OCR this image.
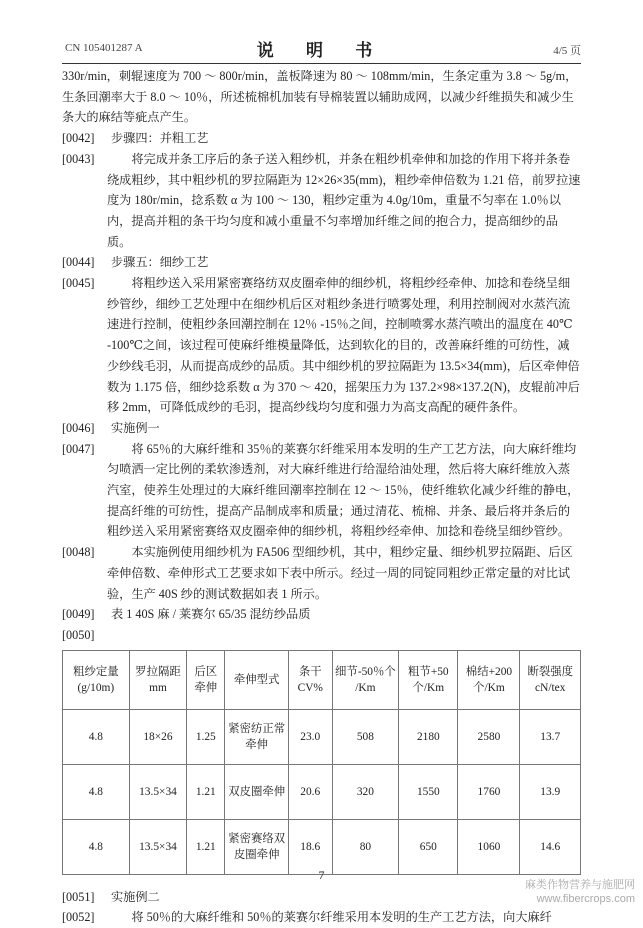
CN 105401287 A	说 明 书	4/5 页

330r/min，刺辊速度为 700 ～ 800r/min，盖板降速为 80 ～ 108mm/min，生条定重为 3.8 ～ 5g/m，生条回潮率大于 8.0 ～ 10％，所述梳棉机加装有导棉装置以辅助成网，以减少纤维损失和减少生条大的麻结等疵点产生。

[0042]	步骤四：并粗工艺
[0043]	将完成并条工序后的条子送入粗纱机，并条在粗纱机牵伸和加捻的作用下将并条卷绕成粗纱，其中粗纱机的罗拉隔距为 12×26×35(mm)，粗纱牵伸倍数为 1.21 倍，前罗拉速度为 180r/min，捻系数 α 为 100 ～ 130，粗纱定重为 4.0g/10m，重量不匀率在 1.0％以内，提高并粗的条干均匀度和减小重量不匀率增加纤维之间的抱合力，提高细纱的品质。
[0044]	步骤五：细纱工艺
[0045]	将粗纱送入采用紧密赛络纺双皮圈牵伸的细纱机，将粗纱经牵伸、加捻和卷绕呈细纱管纱，细纱工艺处理中在细纱机后区对粗纱条进行喷雾处理，利用控制阀对水蒸汽流速进行控制，使粗纱条回潮控制在 12％ -15％之间，控制喷雾水蒸汽喷出的温度在 40℃ -100℃之间，该过程可使麻纤维模量降低，达到软化的目的，改善麻纤维的可纺性，减少纱线毛羽，从而提高成纱的品质。其中细纱机的罗拉隔距为 13.5×34(mm)，后区牵伸倍数为 1.175 倍，细纱捻系数 α 为 370 ～ 420，摇架压力为 137.2×98×137.2(N)，皮辊前冲后移 2mm，可降低成纱的毛羽，提高纱线均匀度和强力为高支高配的硬件条件。
[0046]	实施例一
[0047]	将 65％的大麻纤维和 35％的莱赛尔纤维采用本发明的生产工艺方法，向大麻纤维均匀喷洒一定比例的柔软渗透剂，对大麻纤维进行给湿给油处理，然后将大麻纤维放入蒸汽室，使养生处理过的大麻纤维回潮率控制在 12 ～ 15％，使纤维软化减少纤维的静电，提高纤维的可纺性，提高产品制成率和质量；通过清花、梳棉、并条、最后将并条后的粗纱送入采用紧密赛络双皮圈牵伸的细纱机，将粗纱经牵伸、加捻和卷绕呈细纱管纱。
[0048]	本实施例使用细纱机为 FA506 型细纱机，其中，粗纱定量、细纱机罗拉隔距、后区牵伸倍数、牵伸形式工艺要求如下表中所示。经过一周的同锭同粗纱正常定量的对比试验，生产 40S 纱的测试数据如表 1 所示。
[0049]	表 1 40S 麻 / 莱赛尔 65/35 混纺纱品质
[0050]
粗纱定量 (g/10m)	罗拉隔距 mm	后区牵伸	牵伸型式	条干 CV%	细节-50％个 /Km	粗节+50 个/Km	棉结+200 个/Km	断裂强度 cN/tex
4.8	18×26	1.25	紧密纺正常牵伸	23.0	508	2180	2580	13.7
4.8	13.5×34	1.21	双皮圈牵伸	20.6	320	1550	1760	13.9
4.8	13.5×34	1.21	紧密赛络双皮圈牵伸	18.6	80	650	1060	14.6
[0051]	实施例二
[0052]	将 50％的大麻纤维和 50％的莱赛尔纤维采用本发明的生产工艺方法，向大麻纤
7
麻类作物营养与施肥网
www.fibercrops.com
